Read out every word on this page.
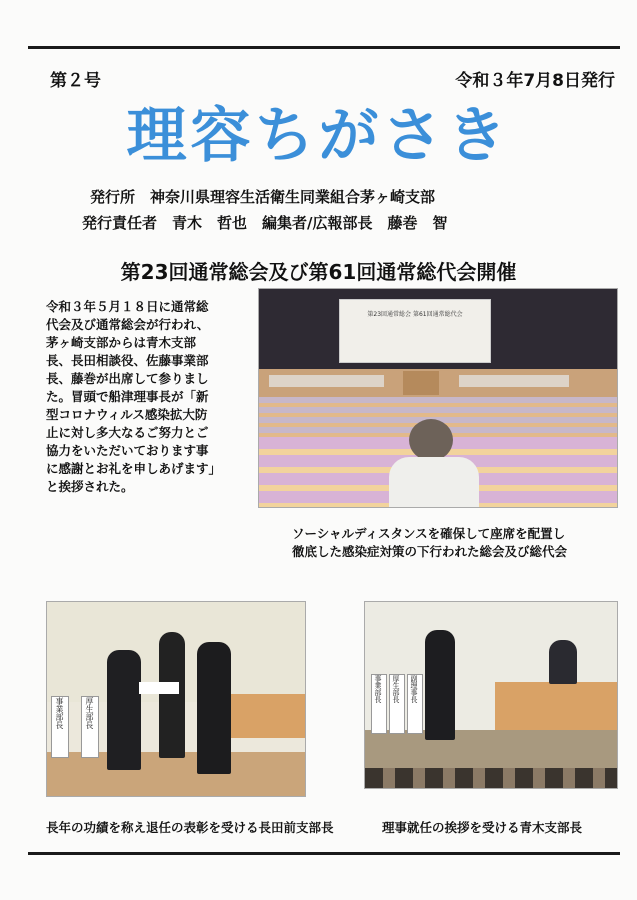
第２号	令和３年7月8日発行
理容ちがさき
発行所　神奈川県理容生活衛生同業組合茅ヶ崎支部
発行責任者　青木　哲也　編集者/広報部長　藤巻　智
第23回通常総会及び第61回通常総代会開催
令和３年５月１８日に通常総代会及び通常総会が行われ、茅ヶ崎支部からは青木支部長、長田相談役、佐藤事業部長、藤巻が出席して参りました。冒頭で船津理事長が「新型コロナウィルス感染拡大防止に対し多大なるご努力とご協力をいただいております事に感謝とお礼を申しあげます」と挨拶された。
第23回通常総会 第61回通常総代会
ソーシャルディスタンスを確保して座席を配置し
徹底した感染症対策の下行われた総会及び総代会
事業部長	厚生部長
長年の功績を称え退任の表彰を受ける長田前支部長
事業部長 厚生部長 副理事長
理事就任の挨拶を受ける青木支部長
